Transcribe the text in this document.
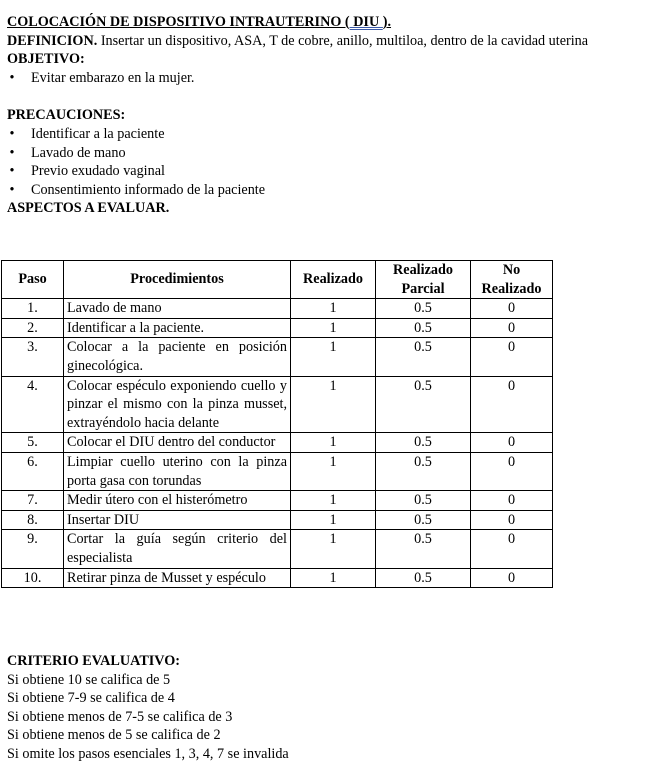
COLOCACIÓN DE DISPOSITIVO INTRAUTERINO ( DIU ).
DEFINICION. Insertar un dispositivo, ASA, T de cobre, anillo, multiloa, dentro de la cavidad uterina
OBJETIVO:
• Evitar embarazo en la mujer.
PRECAUCIONES:
• Identificar a la paciente
• Lavado de mano
• Previo exudado vaginal
• Consentimiento informado de la paciente
ASPECTOS A EVALUAR.
Paso	Procedimientos	Realizado	Realizado Parcial	No Realizado
1.	Lavado de mano	1	0.5	0
2.	Identificar a la paciente.	1	0.5	0
3.	Colocar a la paciente en posición ginecológica.	1	0.5	0
4.	Colocar espéculo exponiendo cuello y pinzar el mismo con la pinza musset, extrayéndolo hacia delante	1	0.5	0
5.	Colocar el DIU dentro del conductor	1	0.5	0
6.	Limpiar cuello uterino con la pinza porta gasa con torundas	1	0.5	0
7.	Medir útero con el histerómetro	1	0.5	0
8.	Insertar DIU	1	0.5	0
9.	Cortar la guía según criterio del especialista	1	0.5	0
10.	Retirar pinza de Musset y espéculo	1	0.5	0
CRITERIO EVALUATIVO:
Si obtiene 10 se califica de 5
Si obtiene 7-9 se califica de 4
Si obtiene menos de 7-5 se califica de 3
Si obtiene menos de 5 se califica de 2
Si omite los pasos esenciales 1, 3, 4, 7 se invalida
